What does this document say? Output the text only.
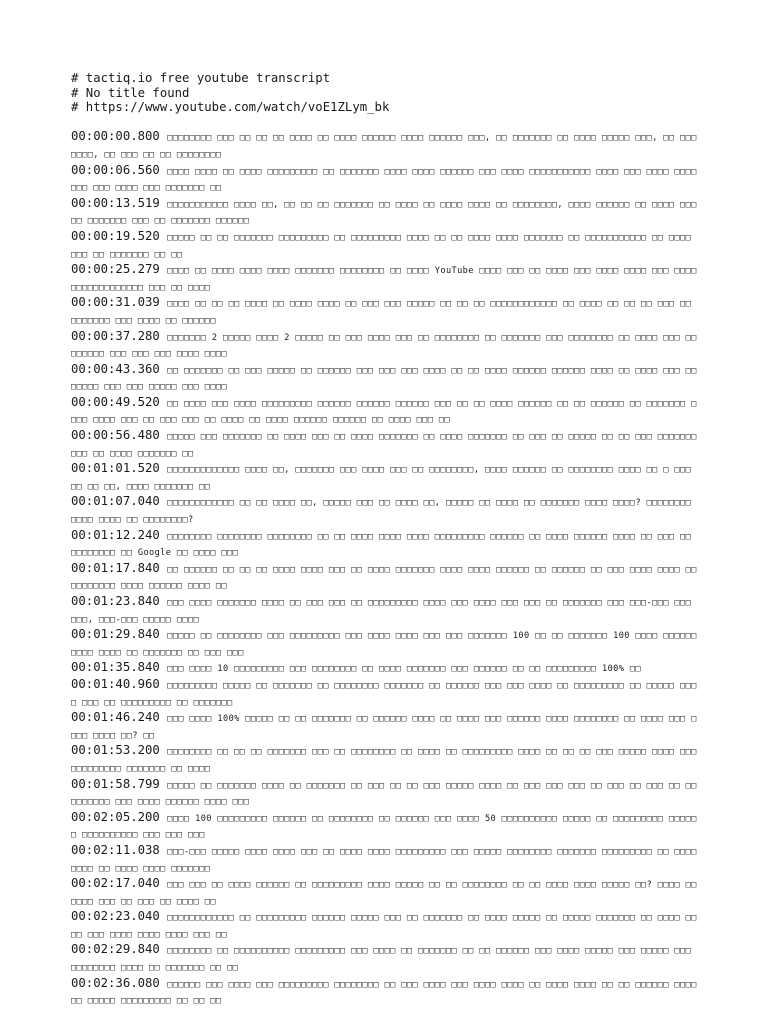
# tactiq.io free youtube transcript
# No title found
# https://www.youtube.com/watch/voE1ZLym_bk
00:00:00.800 □□□□□□□□ □□□ □□ □□ □□ □□□□ □□ □□□□ □□□□□□ □□□□ □□□□□□ □□□, □□ □□□□□□□ □□ □□□□ □□□□□ □□□, □□ □□□□□□□, □□ □□□ □□ □□ □□□□□□□□
00:00:06.560 □□□□ □□□□ □□ □□□□ □□□□□□□□□ □□ □□□□□□□ □□□□ □□□□ □□□□□□ □□□ □□□□ □□□□□□□□□□□ □□□□ □□□ □□□□ □□□□□□□ □□□ □□□□ □□□ □□□□□□□ □□
00:00:13.519 □□□□□□□□□□□ □□□□ □□, □□ □□ □□ □□□□□□□ □□ □□□□ □□ □□□□ □□□□ □□ □□□□□□□□, □□□□ □□□□□□ □□ □□□□ □□□□□ □□□□□□□ □□□ □□ □□□□□□□ □□□□□□
00:00:19.520 □□□□□ □□ □□ □□□□□□□ □□□□□□□□□ □□ □□□□□□□□□ □□□□ □□ □□ □□□□ □□□□ □□□□□□□ □□ □□□□□□□□□□□ □□ □□□□ □□□ □□ □□□□□□□ □□ □□
00:00:25.279 □□□□ □□ □□□□ □□□□ □□□□ □□□□□□□ □□□□□□□□ □□ □□□□ YouTube □□□□ □□□ □□ □□□□ □□□ □□□□ □□□□ □□□ □□□□ □□□□□□□□□□□□□ □□□ □□ □□□□
00:00:31.039 □□□□ □□ □□ □□ □□□□ □□ □□□□ □□□□ □□ □□□ □□□ □□□□□ □□ □□ □□ □□□□□□□□□□□□ □□ □□□□ □□ □□ □□ □□□ □□ □□□□□□□ □□□ □□□□ □□ □□□□□□
00:00:37.280 □□□□□□□ 2 □□□□□ □□□□ 2 □□□□□ □□ □□□ □□□□ □□□ □□ □□□□□□□□ □□ □□□□□□□ □□□ □□□□□□□□ □□ □□□□ □□□ □□ □□□□□□ □□□ □□□ □□□ □□□□ □□□□
00:00:43.360 □□ □□□□□□□ □□ □□□ □□□□□ □□ □□□□□□ □□□ □□□ □□□ □□□□ □□ □□ □□□□ □□□□□□ □□□□□□ □□□□ □□ □□□□ □□□ □□ □□□□□ □□□ □□□ □□□□□ □□□ □□□□
00:00:49.520 □□ □□□□ □□□ □□□□ □□□□□□□□□ □□□□□□ □□□□□□ □□□□□□ □□□ □□ □□ □□□□ □□□□□□ □□ □□ □□□□□□ □□ □□□□□□□ □□□□ □□□□ □□□ □□ □□□ □□□ □□ □□□□ □□ □□□□ □□□□□□ □□□□□□ □□ □□□□ □□□ □□
00:00:56.480 □□□□□ □□□ □□□□□□□ □□ □□□□ □□□ □□ □□□□ □□□□□□□ □□ □□□□ □□□□□□□ □□ □□□ □□ □□□□□ □□ □□ □□□ □□□□□□□□□□ □□ □□□□ □□□□□□□ □□
00:01:01.520 □□□□□□□□□□□□□ □□□□ □□, □□□□□□□ □□□ □□□□ □□□ □□ □□□□□□□□, □□□□ □□□□□□ □□ □□□□□□□□ □□□□ □□ □ □□□ □□ □□ □□, □□□□ □□□□□□□ □□
00:01:07.040 □□□□□□□□□□□□ □□ □□ □□□□ □□, □□□□□ □□□ □□ □□□□ □□, □□□□□ □□ □□□□ □□ □□□□□□□ □□□□ □□□□? □□□□□□□□ □□□□ □□□□ □□ □□□□□□□□?
00:01:12.240 □□□□□□□□ □□□□□□□□ □□□□□□□□ □□ □□ □□□□ □□□□ □□□□ □□□□□□□□□ □□□□□□ □□ □□□□ □□□□□□ □□□□ □□ □□□ □□ □□□□□□□□ □□ Google □□ □□□□ □□□
00:01:17.840 □□ □□□□□□ □□ □□ □□ □□□□ □□□□ □□□ □□ □□□□ □□□□□□□ □□□□ □□□□ □□□□□□ □□ □□□□□□ □□ □□□ □□□□ □□□□ □□ □□□□□□□□ □□□□ □□□□□□ □□□□ □□
00:01:23.840 □□□ □□□□ □□□□□□□ □□□□ □□ □□□ □□□ □□ □□□□□□□□□ □□□□ □□□ □□□□ □□□ □□□ □□ □□□□□□□ □□□ □□□-□□□ □□□ □□□, □□□-□□□ □□□□□ □□□□
00:01:29.840 □□□□□ □□ □□□□□□□□ □□□ □□□□□□□□□ □□□ □□□□ □□□□ □□□ □□□ □□□□□□□ 100 □□ □□ □□□□□□□ 100 □□□□ □□□□□□□□□□ □□□□ □□ □□□□□□□ □□ □□□ □□□
00:01:35.840 □□□ □□□□ 10 □□□□□□□□□ □□□ □□□□□□□□ □□ □□□□ □□□□□□□ □□□ □□□□□□ □□ □□ □□□□□□□□□ 100% □□
00:01:40.960 □□□□□□□□□ □□□□□ □□ □□□□□□□ □□ □□□□□□□□ □□□□□□□ □□ □□□□□□ □□□ □□□ □□□□ □□ □□□□□□□□□ □□ □□□□□ □□□□ □□□ □□ □□□□□□□□□ □□ □□□□□□□
00:01:46.240 □□□ □□□□ 100% □□□□□ □□ □□ □□□□□□□ □□ □□□□□□ □□□□ □□ □□□□ □□□ □□□□□□ □□□□ □□□□□□□□ □□ □□□□ □□□ □□□□ □□□□ □□? □□
00:01:53.200 □□□□□□□□ □□ □□ □□ □□□□□□□ □□□ □□ □□□□□□□□ □□ □□□□ □□ □□□□□□□□□ □□□□ □□ □□ □□ □□□ □□□□□ □□□□ □□□ □□□□□□□□□ □□□□□□□ □□ □□□□
00:01:58.799 □□□□□ □□ □□□□□□□ □□□□ □□ □□□□□□□ □□ □□□ □□ □□ □□□ □□□□□ □□□□ □□ □□□ □□□ □□□ □□ □□□ □□ □□□ □□ □□□□□□□□□ □□□ □□□□ □□□□□□ □□□□ □□□
00:02:05.200 □□□□ 100 □□□□□□□□□ □□□□□□ □□ □□□□□□□□ □□ □□□□□□ □□□ □□□□ 50 □□□□□□□□□□ □□□□□ □□ □□□□□□□□□ □□□□□□ □□□□□□□□□□ □□□ □□□ □□□
00:02:11.038 □□□-□□□ □□□□□ □□□□ □□□□ □□□ □□ □□□□ □□□□ □□□□□□□□□ □□□ □□□□□ □□□□□□□□ □□□□□□□ □□□□□□□□□ □□ □□□□□□□□ □□ □□□□ □□□□ □□□□□□□
00:02:17.040 □□□ □□□ □□ □□□□ □□□□□□ □□ □□□□□□□□□ □□□□ □□□□□ □□ □□ □□□□□□□□ □□ □□ □□□□ □□□□ □□□□□ □□? □□□□ □□ □□□□ □□□ □□ □□□ □□ □□□□ □□
00:02:23.040 □□□□□□□□□□□□ □□ □□□□□□□□□ □□□□□□ □□□□□ □□□ □□ □□□□□□□ □□ □□□□ □□□□□ □□ □□□□□ □□□□□□□ □□ □□□□ □□□□ □□□ □□□□ □□□□ □□□□ □□□ □□
00:02:29.840 □□□□□□□□ □□ □□□□□□□□□□ □□□□□□□□□ □□□ □□□□ □□ □□□□□□□ □□ □□ □□□□□□ □□□ □□□□ □□□□□ □□□ □□□□□ □□□ □□□□□□□□ □□□□ □□ □□□□□□□ □□ □□
00:02:36.080 □□□□□□ □□□ □□□□ □□□ □□□□□□□□□ □□□□□□□□ □□ □□□ □□□□ □□□ □□□□ □□□□ □□ □□□□ □□□□ □□ □□ □□□□□□ □□□□ □□ □□□□□ □□□□□□□□□ □□ □□ □□
